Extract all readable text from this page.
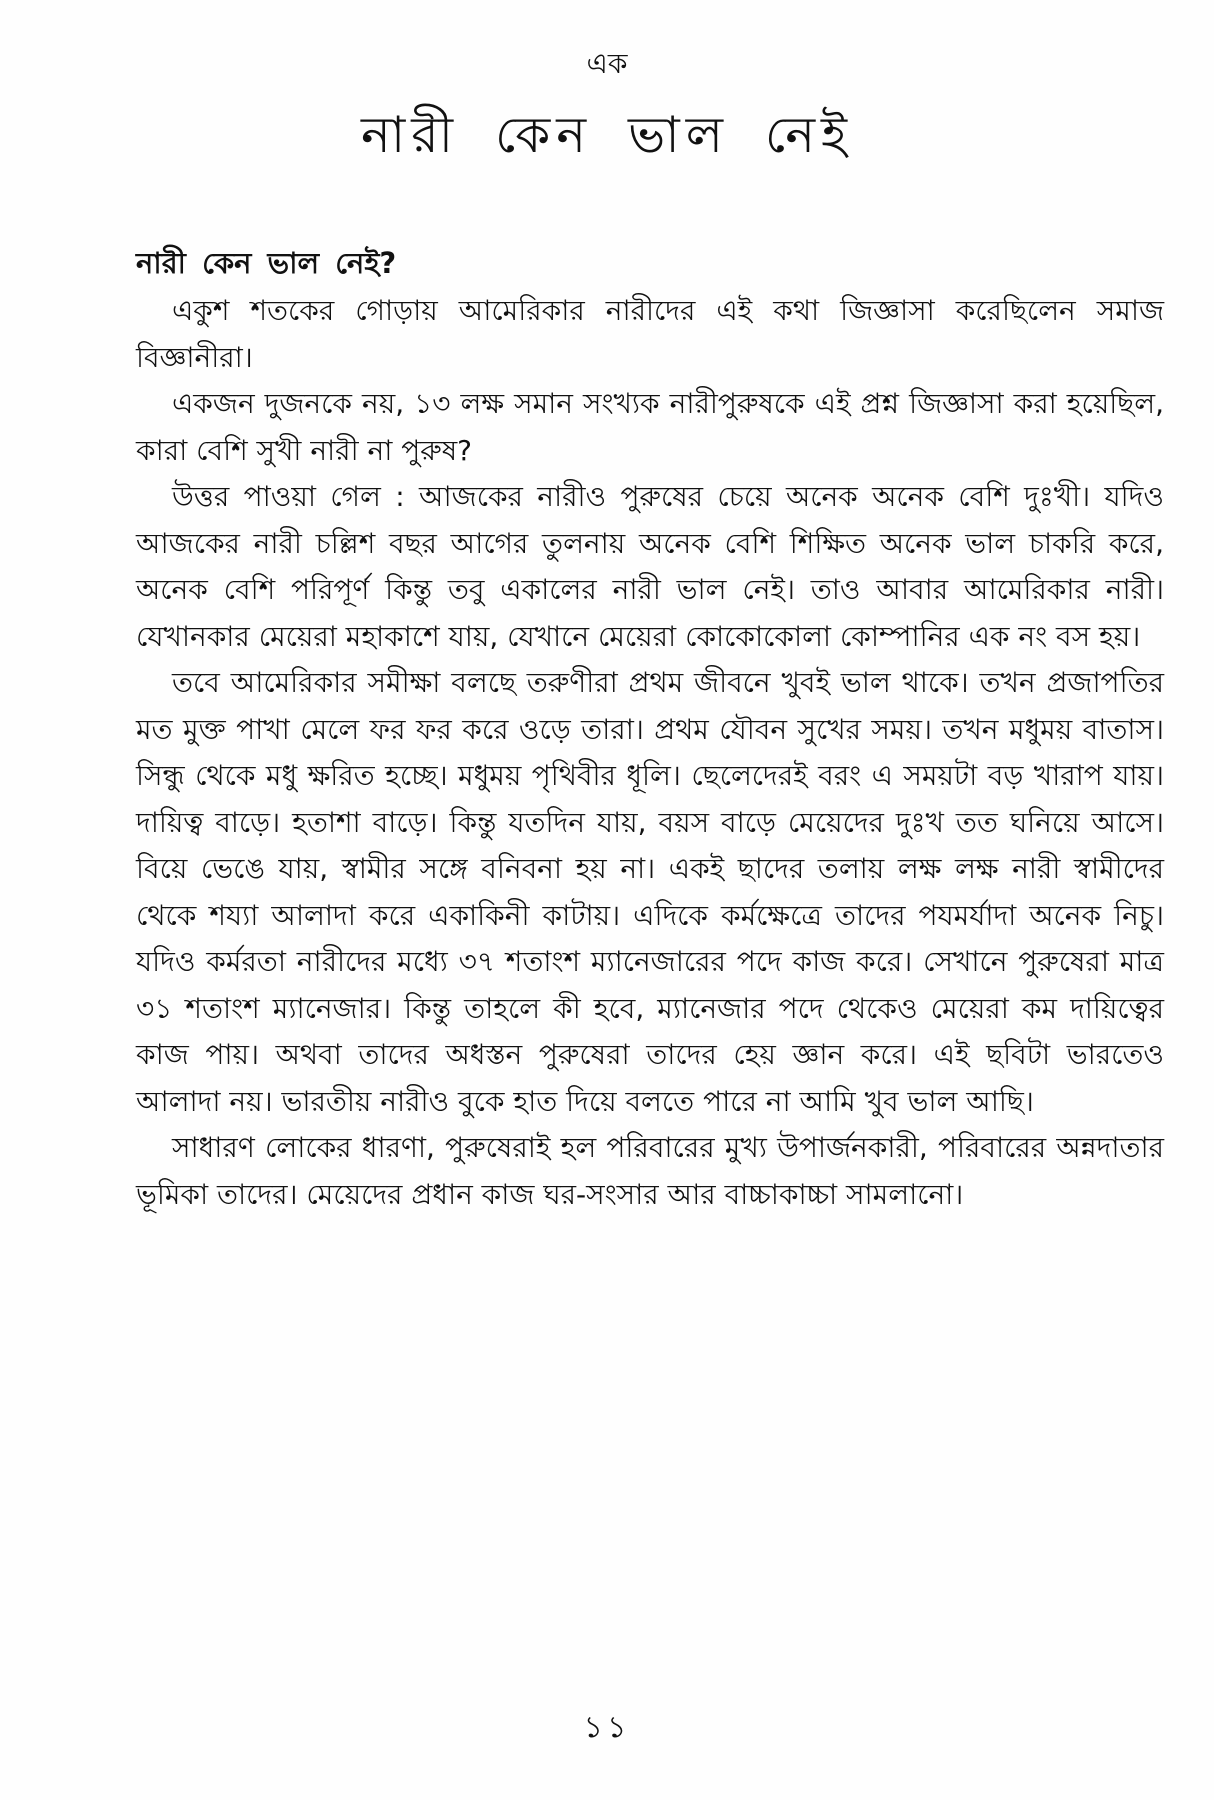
এক
নারী কেন ভাল নেই

নারী কেন ভাল নেই?

একুশ শতকের গোড়ায় আমেরিকার নারীদের এই কথা জিজ্ঞাসা করেছিলেন সমাজ বিজ্ঞানীরা।

একজন দুজনকে নয়, ১৩ লক্ষ সমান সংখ্যক নারীপুরুষকে এই প্রশ্ন জিজ্ঞাসা করা হয়েছিল, কারা বেশি সুখী নারী না পুরুষ?

উত্তর পাওয়া গেল : আজকের নারীও পুরুষের চেয়ে অনেক অনেক বেশি দুঃখী। যদিও আজকের নারী চল্লিশ বছর আগের তুলনায় অনেক বেশি শিক্ষিত অনেক ভাল চাকরি করে, অনেক বেশি পরিপূর্ণ কিন্তু তবু একালের নারী ভাল নেই। তাও আবার আমেরিকার নারী। যেখানকার মেয়েরা মহাকাশে যায়, যেখানে মেয়েরা কোকোকোলা কোম্পানির এক নং বস হয়।

তবে আমেরিকার সমীক্ষা বলছে তরুণীরা প্রথম জীবনে খুবই ভাল থাকে। তখন প্রজাপতির মত মুক্ত পাখা মেলে ফর ফর করে ওড়ে তারা। প্রথম যৌবন সুখের সময়। তখন মধুময় বাতাস। সিন্ধু থেকে মধু ক্ষরিত হচ্ছে। মধুময় পৃথিবীর ধূলি। ছেলেদেরই বরং এ সময়টা বড় খারাপ যায়। দায়িত্ব বাড়ে। হতাশা বাড়ে। কিন্তু যতদিন যায়, বয়স বাড়ে মেয়েদের দুঃখ তত ঘনিয়ে আসে। বিয়ে ভেঙে যায়, স্বামীর সঙ্গে বনিবনা হয় না। একই ছাদের তলায় লক্ষ লক্ষ নারী স্বামীদের থেকে শয্যা আলাদা করে একাকিনী কাটায়। এদিকে কর্মক্ষেত্রে তাদের পযমর্যাদা অনেক নিচু। যদিও কর্মরতা নারীদের মধ্যে ৩৭ শতাংশ ম্যানেজারের পদে কাজ করে। সেখানে পুরুষেরা মাত্র ৩১ শতাংশ ম্যানেজার। কিন্তু তাহলে কী হবে, ম্যানেজার পদে থেকেও মেয়েরা কম দায়িত্বের কাজ পায়। অথবা তাদের অধস্তন পুরুষেরা তাদের হেয় জ্ঞান করে। এই ছবিটা ভারতেও আলাদা নয়। ভারতীয় নারীও বুকে হাত দিয়ে বলতে পারে না আমি খুব ভাল আছি।

সাধারণ লোকের ধারণা, পুরুষেরাই হল পরিবারের মুখ্য উপার্জনকারী, পরিবারের অন্নদাতার ভূমিকা তাদের। মেয়েদের প্রধান কাজ ঘর-সংসার আর বাচ্চাকাচ্চা সামলানো।

১১
